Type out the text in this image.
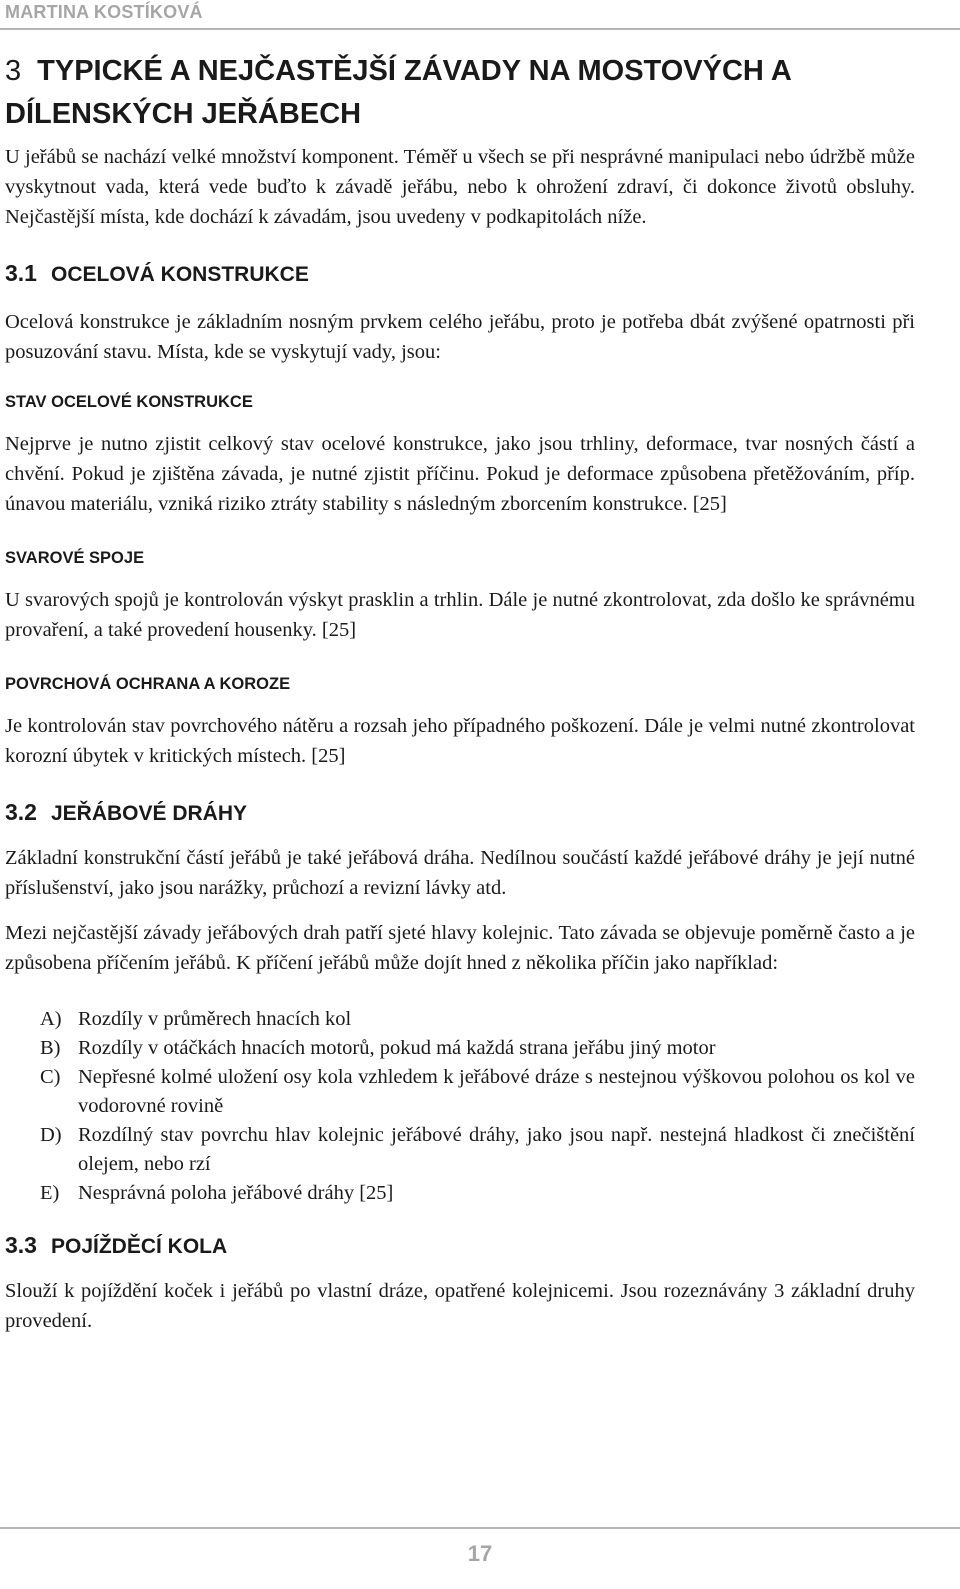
MARTINA KOSTÍKOVÁ
3 TYPICKÉ A NEJČASTĚJŠÍ ZÁVADY NA MOSTOVÝCH A
DÍLENSKÝCH JEŘÁBECH

U jeřábů se nachází velké množství komponent. Téměř u všech se při nesprávné manipulaci nebo údržbě může vyskytnout vada, která vede buďto k závadě jeřábu, nebo k ohrožení zdraví, či dokonce životů obsluhy. Nejčastější místa, kde dochází k závadám, jsou uvedeny v podkapitolách níže.

3.1 OCELOVÁ KONSTRUKCE

Ocelová konstrukce je základním nosným prvkem celého jeřábu, proto je potřeba dbát zvýšené opatrnosti při posuzování stavu. Místa, kde se vyskytují vady, jsou:

STAV OCELOVÉ KONSTRUKCE

Nejprve je nutno zjistit celkový stav ocelové konstrukce, jako jsou trhliny, deformace, tvar nosných částí a chvění. Pokud je zjištěna závada, je nutné zjistit příčinu. Pokud je deformace způsobena přetěžováním, příp. únavou materiálu, vzniká riziko ztráty stability s následným zborcením konstrukce. [25]

SVAROVÉ SPOJE

U svarových spojů je kontrolován výskyt prasklin a trhlin. Dále je nutné zkontrolovat, zda došlo ke správnému provaření, a také provedení housenky. [25]

POVRCHOVÁ OCHRANA A KOROZE

Je kontrolován stav povrchového nátěru a rozsah jeho případného poškození. Dále je velmi nutné zkontrolovat korozní úbytek v kritických místech. [25]

3.2 JEŘÁBOVÉ DRÁHY

Základní konstrukční částí jeřábů je také jeřábová dráha. Nedílnou součástí každé jeřábové dráhy je její nutné příslušenství, jako jsou narážky, průchozí a revizní lávky atd.

Mezi nejčastější závady jeřábových drah patří sjeté hlavy kolejnic. Tato závada se objevuje poměrně často a je způsobena příčením jeřábů. K příčení jeřábů může dojít hned z několika příčin jako například:

A) Rozdíly v průměrech hnacích kol
B) Rozdíly v otáčkách hnacích motorů, pokud má každá strana jeřábu jiný motor
C) Nepřesné kolmé uložení osy kola vzhledem k jeřábové dráze s nestejnou výškovou polohou os kol ve vodorovné rovině
D) Rozdílný stav povrchu hlav kolejnic jeřábové dráhy, jako jsou např. nestejná hladkost či znečištění olejem, nebo rzí
E) Nesprávná poloha jeřábové dráhy [25]
3.3 POJÍŽDĚCÍ KOLA

Slouží k pojíždění koček i jeřábů po vlastní dráze, opatřené kolejnicemi. Jsou rozeznávány 3 základní druhy provedení.

17
